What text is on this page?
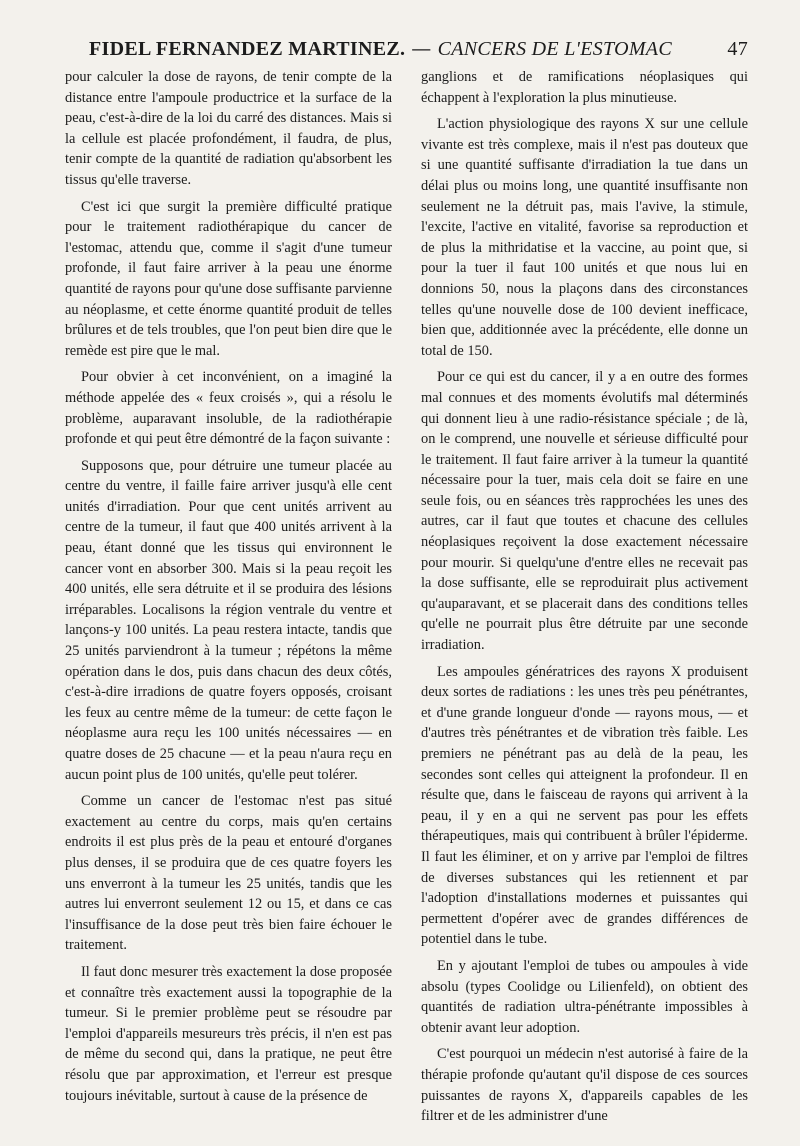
FIDEL FERNANDEZ MARTINEZ. — CANCERS DE L'ESTOMAC	47

pour calculer la dose de rayons, de tenir compte de la distance entre l'ampoule productrice et la surface de la peau, c'est-à-dire de la loi du carré des distances. Mais si la cellule est placée profondément, il faudra, de plus, tenir compte de la quantité de radiation qu'absorbent les tissus qu'elle traverse.

C'est ici que surgit la première difficulté pratique pour le traitement radiothérapique du cancer de l'estomac, attendu que, comme il s'agit d'une tumeur profonde, il faut faire arriver à la peau une énorme quantité de rayons pour qu'une dose suffisante parvienne au néoplasme, et cette énorme quantité produit de telles brûlures et de tels troubles, que l'on peut bien dire que le remède est pire que le mal.

Pour obvier à cet inconvénient, on a imaginé la méthode appelée des « feux croisés », qui a résolu le problème, auparavant insoluble, de la radiothérapie profonde et qui peut être démontré de la façon suivante :

Supposons que, pour détruire une tumeur placée au centre du ventre, il faille faire arriver jusqu'à elle cent unités d'irradiation. Pour que cent unités arrivent au centre de la tumeur, il faut que 400 unités arrivent à la peau, étant donné que les tissus qui environnent le cancer vont en absorber 300. Mais si la peau reçoit les 400 unités, elle sera détruite et il se produira des lésions irréparables. Localisons la région ventrale du ventre et lançons-y 100 unités. La peau restera intacte, tandis que 25 unités parviendront à la tumeur ; répétons la même opération dans le dos, puis dans chacun des deux côtés, c'est-à-dire irradions de quatre foyers opposés, croisant les feux au centre même de la tumeur: de cette façon le néoplasme aura reçu les 100 unités nécessaires — en quatre doses de 25 chacune — et la peau n'aura reçu en aucun point plus de 100 unités, qu'elle peut tolérer.

Comme un cancer de l'estomac n'est pas situé exactement au centre du corps, mais qu'en certains endroits il est plus près de la peau et entouré d'organes plus denses, il se produira que de ces quatre foyers les uns enverront à la tumeur les 25 unités, tandis que les autres lui enverront seulement 12 ou 15, et dans ce cas l'insuffisance de la dose peut très bien faire échouer le traitement.

Il faut donc mesurer très exactement la dose proposée et connaître très exactement aussi la topographie de la tumeur. Si le premier problème peut se résoudre par l'emploi d'appareils mesureurs très précis, il n'en est pas de même du second qui, dans la pratique, ne peut être résolu que par approximation, et l'erreur est presque toujours inévitable, surtout à cause de la présence de

ganglions et de ramifications néoplasiques qui échappent à l'exploration la plus minutieuse.

L'action physiologique des rayons X sur une cellule vivante est très complexe, mais il n'est pas douteux que si une quantité suffisante d'irradiation la tue dans un délai plus ou moins long, une quantité insuffisante non seulement ne la détruit pas, mais l'avive, la stimule, l'excite, l'active en vitalité, favorise sa reproduction et de plus la mithridatise et la vaccine, au point que, si pour la tuer il faut 100 unités et que nous lui en donnions 50, nous la plaçons dans des circonstances telles qu'une nouvelle dose de 100 devient inefficace, bien que, additionnée avec la précédente, elle donne un total de 150.

Pour ce qui est du cancer, il y a en outre des formes mal connues et des moments évolutifs mal déterminés qui donnent lieu à une radio-résistance spéciale ; de là, on le comprend, une nouvelle et sérieuse difficulté pour le traitement. Il faut faire arriver à la tumeur la quantité nécessaire pour la tuer, mais cela doit se faire en une seule fois, ou en séances très rapprochées les unes des autres, car il faut que toutes et chacune des cellules néoplasiques reçoivent la dose exactement nécessaire pour mourir. Si quelqu'une d'entre elles ne recevait pas la dose suffisante, elle se reproduirait plus activement qu'auparavant, et se placerait dans des conditions telles qu'elle ne pourrait plus être détruite par une seconde irradiation.

Les ampoules génératrices des rayons X produisent deux sortes de radiations : les unes très peu pénétrantes, et d'une grande longueur d'onde — rayons mous, — et d'autres très pénétrantes et de vibration très faible. Les premiers ne pénétrant pas au delà de la peau, les secondes sont celles qui atteignent la profondeur. Il en résulte que, dans le faisceau de rayons qui arrivent à la peau, il y en a qui ne servent pas pour les effets thérapeutiques, mais qui contribuent à brûler l'épiderme. Il faut les éliminer, et on y arrive par l'emploi de filtres de diverses substances qui les retiennent et par l'adoption d'installations modernes et puissantes qui permettent d'opérer avec de grandes différences de potentiel dans le tube.

En y ajoutant l'emploi de tubes ou ampoules à vide absolu (types Coolidge ou Lilienfeld), on obtient des quantités de radiation ultra-pénétrante impossibles à obtenir avant leur adoption.

C'est pourquoi un médecin n'est autorisé à faire de la thérapie profonde qu'autant qu'il dispose de ces sources puissantes de rayons X, d'appareils capables de les filtrer et de les administrer d'une
